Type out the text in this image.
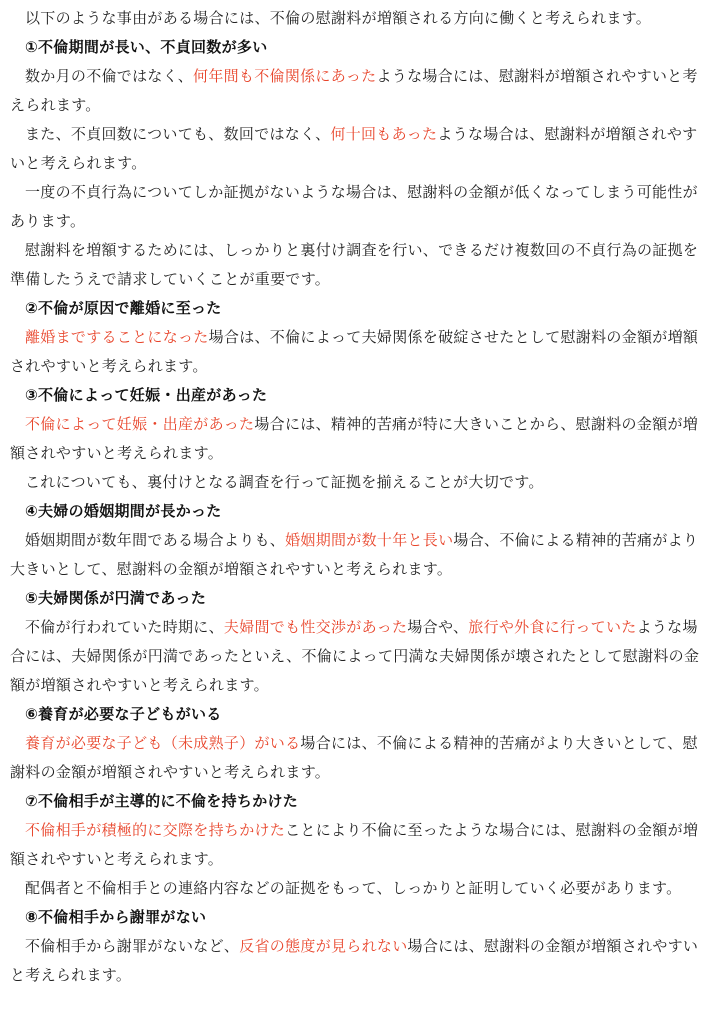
以下のような事由がある場合には、不倫の慰謝料が増額される方向に働くと考えられます。

①不倫期間が長い、不貞回数が多い

数か月の不倫ではなく、何年間も不倫関係にあったような場合には、慰謝料が増額されやすいと考えられます。

また、不貞回数についても、数回ではなく、何十回もあったような場合は、慰謝料が増額されやすいと考えられます。

一度の不貞行為についてしか証拠がないような場合は、慰謝料の金額が低くなってしまう可能性があります。

慰謝料を増額するためには、しっかりと裏付け調査を行い、できるだけ複数回の不貞行為の証拠を準備したうえで請求していくことが重要です。

②不倫が原因で離婚に至った

離婚まですることになった場合は、不倫によって夫婦関係を破綻させたとして慰謝料の金額が増額されやすいと考えられます。

③不倫によって妊娠・出産があった

不倫によって妊娠・出産があった場合には、精神的苦痛が特に大きいことから、慰謝料の金額が増額されやすいと考えられます。

これについても、裏付けとなる調査を行って証拠を揃えることが大切です。

④夫婦の婚姻期間が長かった

婚姻期間が数年間である場合よりも、婚姻期間が数十年と長い場合、不倫による精神的苦痛がより大きいとして、慰謝料の金額が増額されやすいと考えられます。

⑤夫婦関係が円満であった

不倫が行われていた時期に、夫婦間でも性交渉があった場合や、旅行や外食に行っていたような場合には、夫婦関係が円満であったといえ、不倫によって円満な夫婦関係が壊されたとして慰謝料の金額が増額されやすいと考えられます。

⑥養育が必要な子どもがいる

養育が必要な子ども（未成熟子）がいる場合には、不倫による精神的苦痛がより大きいとして、慰謝料の金額が増額されやすいと考えられます。

⑦不倫相手が主導的に不倫を持ちかけた

不倫相手が積極的に交際を持ちかけたことにより不倫に至ったような場合には、慰謝料の金額が増額されやすいと考えられます。

配偶者と不倫相手との連絡内容などの証拠をもって、しっかりと証明していく必要があります。

⑧不倫相手から謝罪がない

不倫相手から謝罪がないなど、反省の態度が見られない場合には、慰謝料の金額が増額されやすいと考えられます。
